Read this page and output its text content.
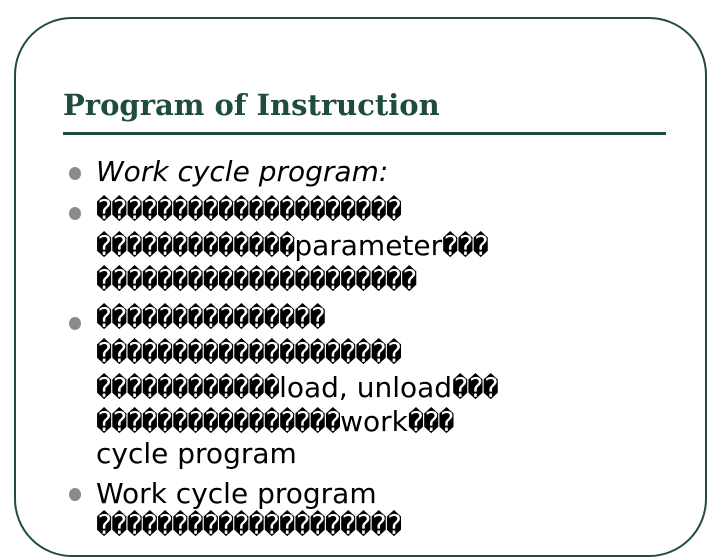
Program of Instruction

Work cycle program:

��������������������

�������������parameter���

���������������������

���������������

��������������������

������������load, unload���

����������������work���

cycle program

Work cycle program

��������������������
